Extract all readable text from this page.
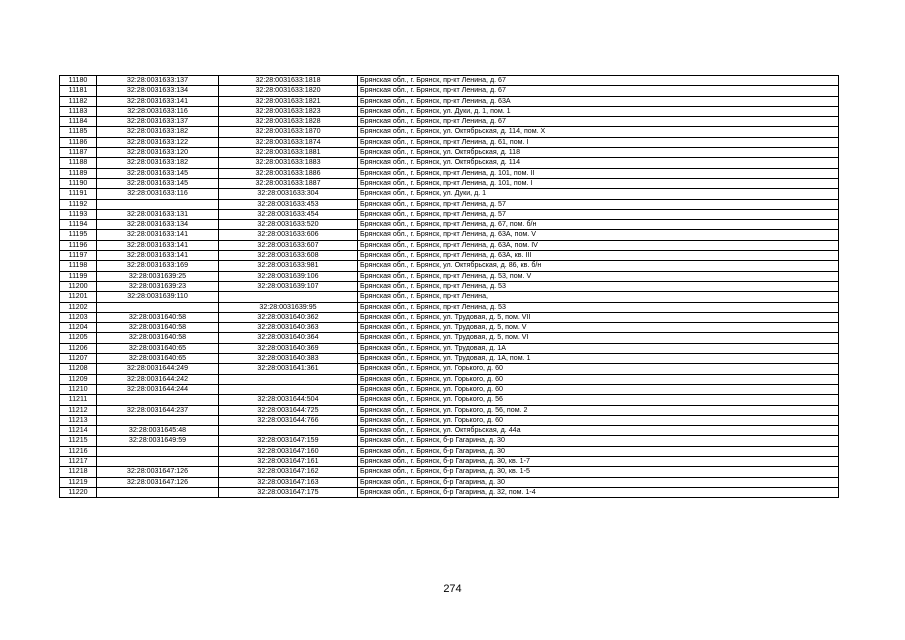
11180	32:28:0031633:137	32:28:0031633:1818	Брянская обл., г. Брянск, пр-кт Ленина, д. 67
11181	32:28:0031633:134	32:28:0031633:1820	Брянская обл., г. Брянск, пр-кт Ленина, д. 67
11182	32:28:0031633:141	32:28:0031633:1821	Брянская обл., г. Брянск, пр-кт Ленина, д. 63А
11183	32:28:0031633:116	32:28:0031633:1823	Брянская обл., г. Брянск, ул. Дуки, д. 1, пом. 1
11184	32:28:0031633:137	32:28:0031633:1828	Брянская обл., г. Брянск, пр-кт Ленина, д. 67
11185	32:28:0031633:182	32:28:0031633:1870	Брянская обл., г. Брянск, ул. Октябрьская, д. 114, пом. X
11186	32:28:0031633:122	32:28:0031633:1874	Брянская обл., г. Брянск, пр-кт Ленина, д. 61, пом. I
11187	32:28:0031633:120	32:28:0031633:1881	Брянская обл., г. Брянск, ул. Октябрьская, д. 118
11188	32:28:0031633:182	32:28:0031633:1883	Брянская обл., г. Брянск, ул. Октябрьская, д. 114
11189	32:28:0031633:145	32:28:0031633:1886	Брянская обл., г. Брянск, пр-кт Ленина, д. 101, пом. II
11190	32:28:0031633:145	32:28:0031633:1887	Брянская обл., г. Брянск, пр-кт Ленина, д. 101, пом. I
11191	32:28:0031633:116	32:28:0031633:304	Брянская обл., г. Брянск, ул. Дуки, д. 1
11192		32:28:0031633:453	Брянская обл., г. Брянск, пр-кт Ленина, д. 57
11193	32:28:0031633:131	32:28:0031633:454	Брянская обл., г. Брянск, пр-кт Ленина, д. 57
11194	32:28:0031633:134	32:28:0031633:520	Брянская обл., г. Брянск, пр-кт Ленина, д. 67, пом. б/н
11195	32:28:0031633:141	32:28:0031633:606	Брянская обл., г. Брянск, пр-кт Ленина, д. 63А, пом. V
11196	32:28:0031633:141	32:28:0031633:607	Брянская обл., г. Брянск, пр-кт Ленина, д. 63А, пом. IV
11197	32:28:0031633:141	32:28:0031633:608	Брянская обл., г. Брянск, пр-кт Ленина, д. 63А, кв. III
11198	32:28:0031633:169	32:28:0031633:981	Брянская обл., г. Брянск, ул. Октябрьская, д. 86, кв. б/н
11199	32:28:0031639:25	32:28:0031639:106	Брянская обл., г. Брянск, пр-кт Ленина, д. 53, пом. V
11200	32:28:0031639:23	32:28:0031639:107	Брянская обл., г. Брянск, пр-кт Ленина, д. 53
11201	32:28:0031639:110		Брянская обл., г. Брянск, пр-кт Ленина,
11202		32:28:0031639:95	Брянская обл., г. Брянск, пр-кт Ленина, д. 53
11203	32:28:0031640:58	32:28:0031640:362	Брянская обл., г. Брянск, ул. Трудовая, д. 5, пом. VII
11204	32:28:0031640:58	32:28:0031640:363	Брянская обл., г. Брянск, ул. Трудовая, д. 5, пом. V
11205	32:28:0031640:58	32:28:0031640:364	Брянская обл., г. Брянск, ул. Трудовая, д. 5, пом. VI
11206	32:28:0031640:65	32:28:0031640:369	Брянская обл., г. Брянск, ул. Трудовая, д. 1А
11207	32:28:0031640:65	32:28:0031640:383	Брянская обл., г. Брянск, ул. Трудовая, д. 1А, пом. 1
11208	32:28:0031644:249	32:28:0031641:361	Брянская обл., г. Брянск, ул. Горького, д. 60
11209	32:28:0031644:242		Брянская обл., г. Брянск, ул. Горького, д. 60
11210	32:28:0031644:244		Брянская обл., г. Брянск, ул. Горького, д. 60
11211		32:28:0031644:504	Брянская обл., г. Брянск, ул. Горького, д. 56
11212	32:28:0031644:237	32:28:0031644:725	Брянская обл., г. Брянск, ул. Горького, д. 56, пом. 2
11213		32:28:0031644:766	Брянская обл., г. Брянск, ул. Горького, д. 60
11214	32:28:0031645:48		Брянская обл., г. Брянск, ул. Октябрьская, д. 44а
11215	32:28:0031649:59	32:28:0031647:159	Брянская обл., г. Брянск, б-р Гагарина, д. 30
11216		32:28:0031647:160	Брянская обл., г. Брянск, б-р Гагарина, д. 30
11217		32:28:0031647:161	Брянская обл., г. Брянск, б-р Гагарина, д. 30, кв. 1-7
11218	32:28:0031647:126	32:28:0031647:162	Брянская обл., г. Брянск, б-р Гагарина, д. 30, кв. 1-5
11219	32:28:0031647:126	32:28:0031647:163	Брянская обл., г. Брянск, б-р Гагарина, д. 30
11220		32:28:0031647:175	Брянская обл., г. Брянск, б-р Гагарина, д. 32, пом. 1-4
274
